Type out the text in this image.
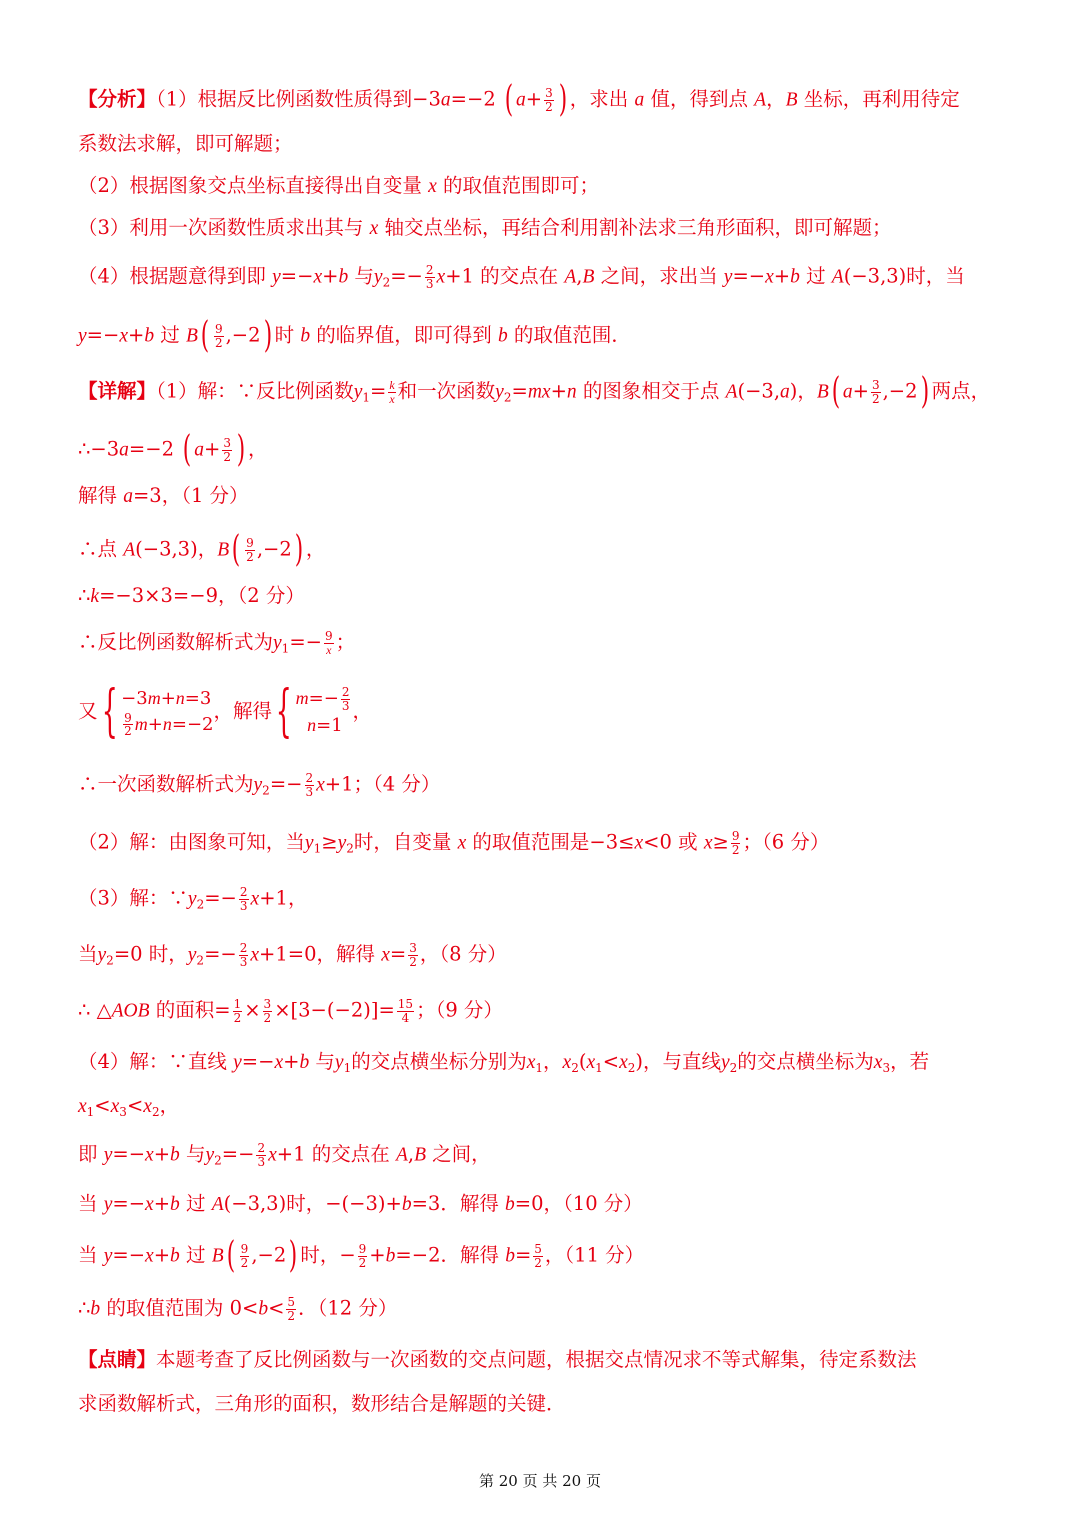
【分析】（1）根据反比例函数性质得到−3a=−2 ( $a+ \frac{3}{2}$ ) ，求出 a 值，得到点 A，B 坐标，再利用待定
系数法求解，即可解题；
（2）根据图象交点坐标直接得出自变量 x 的取值范围即可；
（3）利用一次函数性质求出其与 x 轴交点坐标，再结合利用割补法求三角形面积，即可解题；
（4）根据题意得到即 y=−x+b 与$y_2=- \frac{2}{3} x+1$ 的交点在 A,B 之间，求出当 y=−x+b 过 A(−3,3)时，当
y=−x+b 过 $B( \frac{9}{2} ,-2)$ 时 b 的临界值，即可得到 b 的取值范围．
【详解】（1）解：∵反比例函数$y_1= \frac{k}{x}$ 和一次函数$y_2=mx+n$ 的图象相交于点 A(−3,a)，B( $a+ \frac{3}{2} ,-2$) 两点，
∴−3a=−2 ( $a+ \frac{3}{2}$ ) ，
解得 a=3，（1 分）
∴点 A(−3,3)，$B( \frac{9}{2} ,-2)$ ，
∴k=−3×3=−9，（2 分）
∴反比例函数解析式为$y_1=- \frac{9}{x}$ ；
又{ −3m+n=3
$\frac{9}{2} m+n=-2$
，解得{ $m=- \frac{2}{3}$
n=1
，
∴一次函数解析式为$y_2=- \frac{2}{3} x+1$；（4 分）
（2）解：由图象可知，当$y_1\ge y_2$时，自变量 x 的取值范围是−3≤x<0 或 $x\ge \frac{9}{2}$ ；（6 分）
（3）解：$\because y_2=- \frac{2}{3} x+1$，
当$y_2=0$ 时，$y_2=- \frac{2}{3} x+1=0$，解得 $x= \frac{3}{2}$ ，（8 分）
∴ △AOB 的面积= $\frac{1}{2} \times \frac{3}{2} \times[3-(-2)]= \frac{15}{4}$ ；（9 分）
（4）解：∵直线 y=−x+b 与$y_1$的交点横坐标分别为$x_1$，$x_2(x_1<x_2)$，与直线$y_2$的交点横坐标为$x_3$，若
$x_1<x_3<x_2$，
即 y=−x+b 与$y_2=- \frac{2}{3} x+1$ 的交点在 A,B 之间，
当 y=−x+b 过 A(−3,3)时，−(−3)+b=3．解得 b=0，（10 分）
当 y=−x+b 过 $B( \frac{9}{2} ,-2)$ 时，− $\frac{9}{2} +b=-2$．解得 $b= \frac{5}{2}$ ，（11 分）
∴b 的取值范围为 $0<b< \frac{5}{2}$ ．（12 分）
【点睛】本题考查了反比例函数与一次函数的交点问题，根据交点情况求不等式解集，待定系数法
求函数解析式，三角形的面积，数形结合是解题的关键．
第 20 页 共 20 页
